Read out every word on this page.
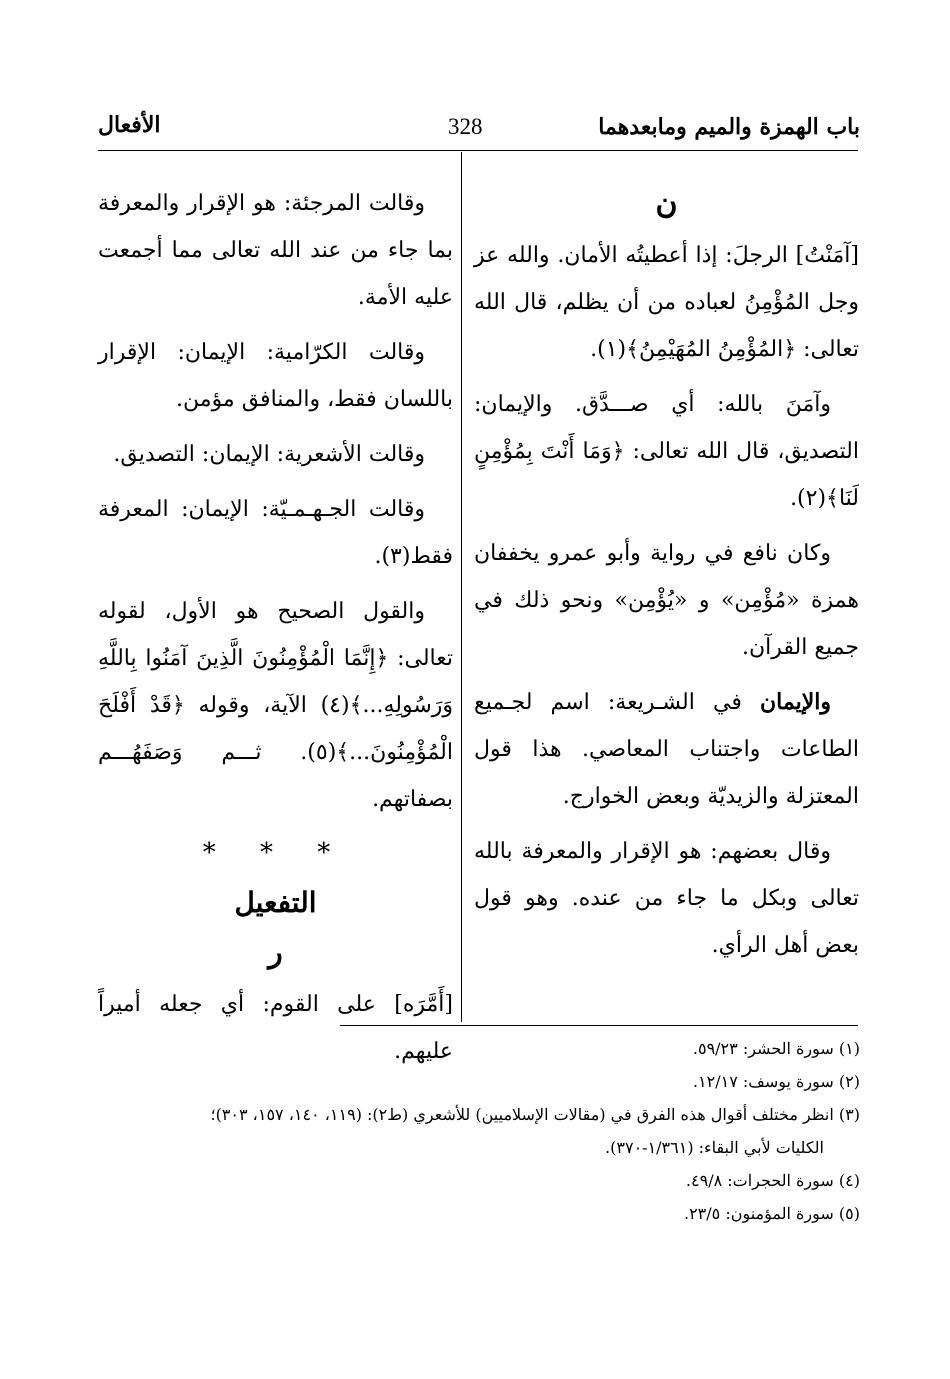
باب الهمزة والميم ومابعدهما
328
الأفعال
ن

[آمَنْتُ] الرجلَ: إذا أعطيتُه الأمان. والله عز وجل المُؤْمِنُ لعباده من أن يظلم، قال الله تعالى: ﴿المُؤْمِنُ المُهَيْمِنُ﴾(١).

وآمَنَ بالله: أي صـــدَّق. والإيمان: التصديق، قال الله تعالى: ﴿وَمَا أَنْتَ بِمُؤْمِنٍ لَنَا﴾(٢).

وكان نافع في رواية وأبو عمرو يخففان همزة «مُؤْمِن» و «يُؤْمِن» ونحو ذلك في جميع القرآن.

والإيمان في الشـريعة: اسم لجـميع الطاعات واجتناب المعاصي. هذا قول المعتزلة والزيديّة وبعض الخوارج.

وقال بعضهم: هو الإقرار والمعرفة بالله تعالى وبكل ما جاء من عنده. وهو قول بعض أهل الرأي.

وقالت المرجئة: هو الإقرار والمعرفة بما جاء من عند الله تعالى مما أجمعت عليه الأمة.

وقالت الكرّامية: الإيمان: الإقرار باللسان فقط، والمنافق مؤمن.

وقالت الأشعرية: الإيمان: التصديق.

وقالت الجـهـمـيّة: الإيمان: المعرفة فقط(٣).

والقول الصحيح هو الأول، لقوله تعالى: ﴿إِنَّمَا الْمُؤْمِنُونَ الَّذِينَ آمَنُوا بِاللَّهِ وَرَسُولِهِ...﴾(٤) الآية، وقوله ﴿قَدْ أَفْلَحَ الْمُؤْمِنُونَ...﴾(٥). ثـــم وَصَفَهُـــم بصفاتهم.

* * *
التفعيل
ر

[أَمَّرَه] على القوم: أي جعله أميراً عليهم.	(١) سورة الحشر: ٥٩/٢٣.
(٢) سورة يوسف: ١٢/١٧.
(٣) انظر مختلف أقوال هذه الفرق في (مقالات الإسلاميين) للأشعري (ط٢): (١١٩، ١٤٠، ١٥٧، ٣٠٣)؛
الكليات لأبي البقاء: (١/٣٦١-٣٧٠).
(٤) سورة الحجرات: ٤٩/٨.
(٥) سورة المؤمنون: ٢٣/٥.
